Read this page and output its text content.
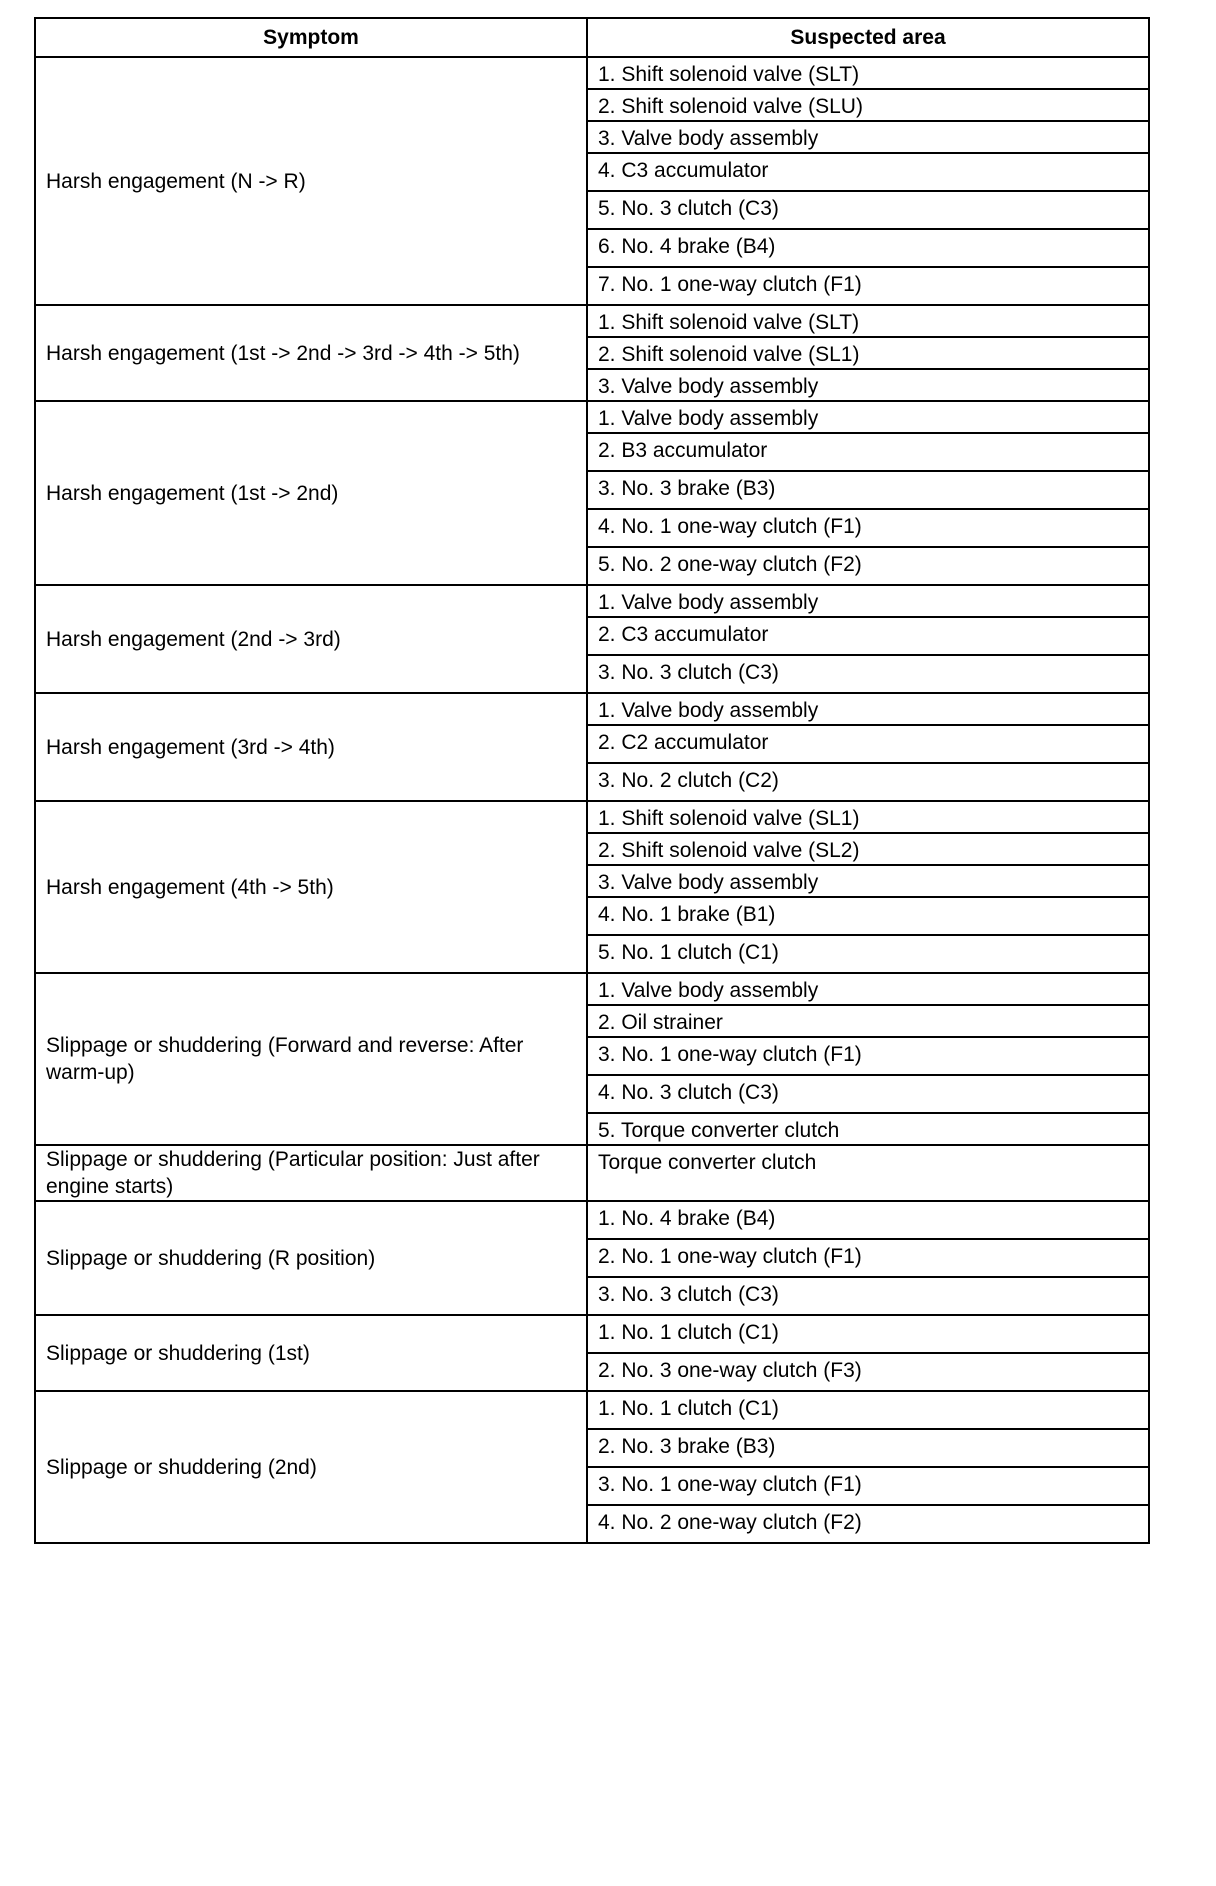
Symptom	Suspected area
Harsh engagement (N -> R)	1. Shift solenoid valve (SLT)
	2. Shift solenoid valve (SLU)
	3. Valve body assembly
	4. C3 accumulator
	5. No. 3 clutch (C3)
	6. No. 4 brake (B4)
	7. No. 1 one-way clutch (F1)
Harsh engagement (1st -> 2nd -> 3rd -> 4th -> 5th)	1. Shift solenoid valve (SLT)
	2. Shift solenoid valve (SL1)
	3. Valve body assembly
Harsh engagement (1st -> 2nd)	1. Valve body assembly
	2. B3 accumulator
	3. No. 3 brake (B3)
	4. No. 1 one-way clutch (F1)
	5. No. 2 one-way clutch (F2)
Harsh engagement (2nd -> 3rd)	1. Valve body assembly
	2. C3 accumulator
	3. No. 3 clutch (C3)
Harsh engagement (3rd -> 4th)	1. Valve body assembly
	2. C2 accumulator
	3. No. 2 clutch (C2)
Harsh engagement (4th -> 5th)	1. Shift solenoid valve (SL1)
	2. Shift solenoid valve (SL2)
	3. Valve body assembly
	4. No. 1 brake (B1)
	5. No. 1 clutch (C1)
Slippage or shuddering (Forward and reverse: After warm-up)	1. Valve body assembly
	2. Oil strainer
	3. No. 1 one-way clutch (F1)
	4. No. 3 clutch (C3)
	5. Torque converter clutch
Slippage or shuddering (Particular position: Just after engine starts)	Torque converter clutch
Slippage or shuddering (R position)	1. No. 4 brake (B4)
	2. No. 1 one-way clutch (F1)
	3. No. 3 clutch (C3)
Slippage or shuddering (1st)	1. No. 1 clutch (C1)
	2. No. 3 one-way clutch (F3)
Slippage or shuddering (2nd)	1. No. 1 clutch (C1)
	2. No. 3 brake (B3)
	3. No. 1 one-way clutch (F1)
	4. No. 2 one-way clutch (F2)
